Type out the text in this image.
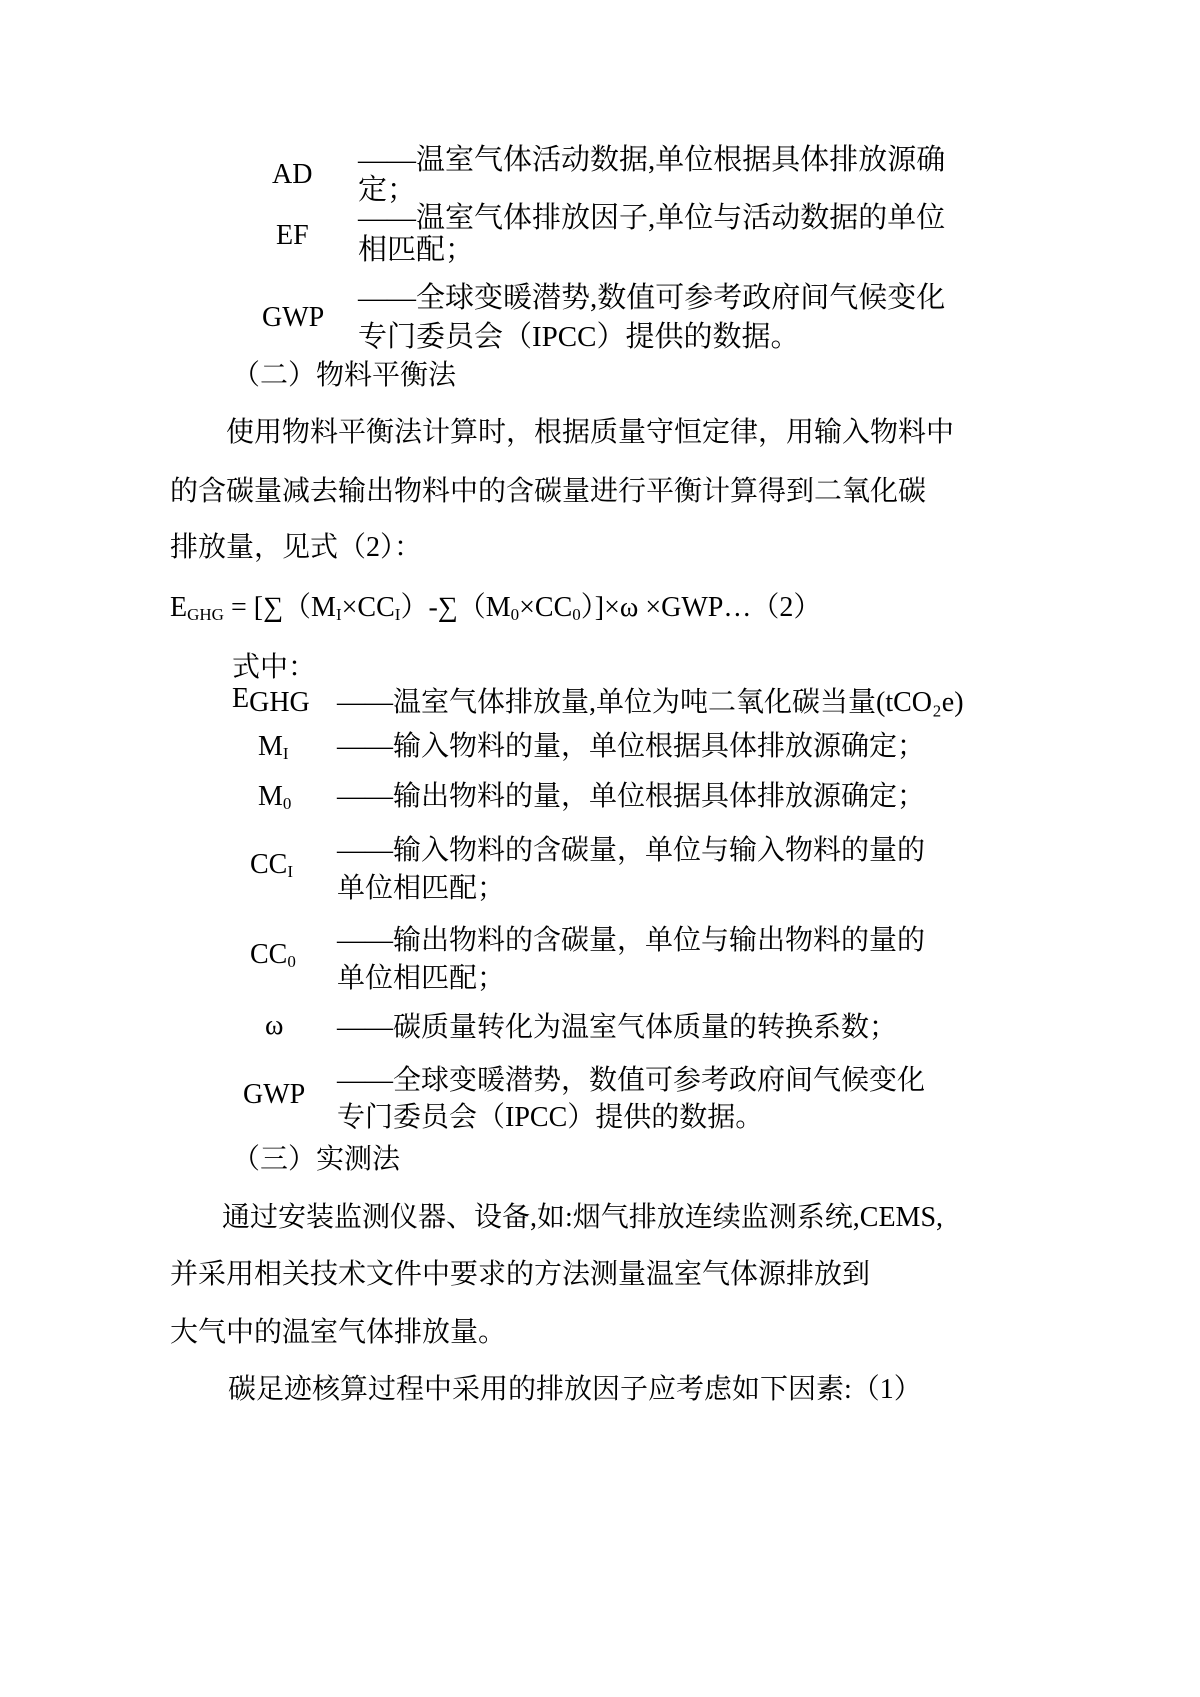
AD ——温室气体活动数据,单位根据具体排放源确
定；
EF
——温室气体排放因子,单位与活动数据的单位
相匹配；
GWP
——全球变暖潜势,数值可参考政府间气候变化
专门委员会（IPCC）提供的数据。
（二）物料平衡法
使用物料平衡法计算时，根据质量守恒定律，用输入物料中
的含碳量减去输出物料中的含碳量进行平衡计算得到二氧化碳
排放量，见式（2）：
$E_{GHG} = [\sum(M_I\times CC_I)-\sum(M_0\times CC_0)]\times\omega$ ×GWP…（2）
式中：
EGHG ——温室气体排放量,单位为吨二氧化碳当量(tCO₂e)
$M_I$ ——输入物料的量，单位根据具体排放源确定；
$M_0$ ——输出物料的量，单位根据具体排放源确定；
$CC_I$
——输入物料的含碳量，单位与输入物料的量的
单位相匹配；
$CC_0$
——输出物料的含碳量，单位与输出物料的量的
单位相匹配；
ω ——碳质量转化为温室气体质量的转换系数；
GWP ——全球变暖潜势，数值可参考政府间气候变化
专门委员会（IPCC）提供的数据。
（三）实测法
通过安装监测仪器、设备,如:烟气排放连续监测系统,CEMS,
并采用相关技术文件中要求的方法测量温室气体源排放到
大气中的温室气体排放量。
碳足迹核算过程中采用的排放因子应考虑如下因素:（1）
